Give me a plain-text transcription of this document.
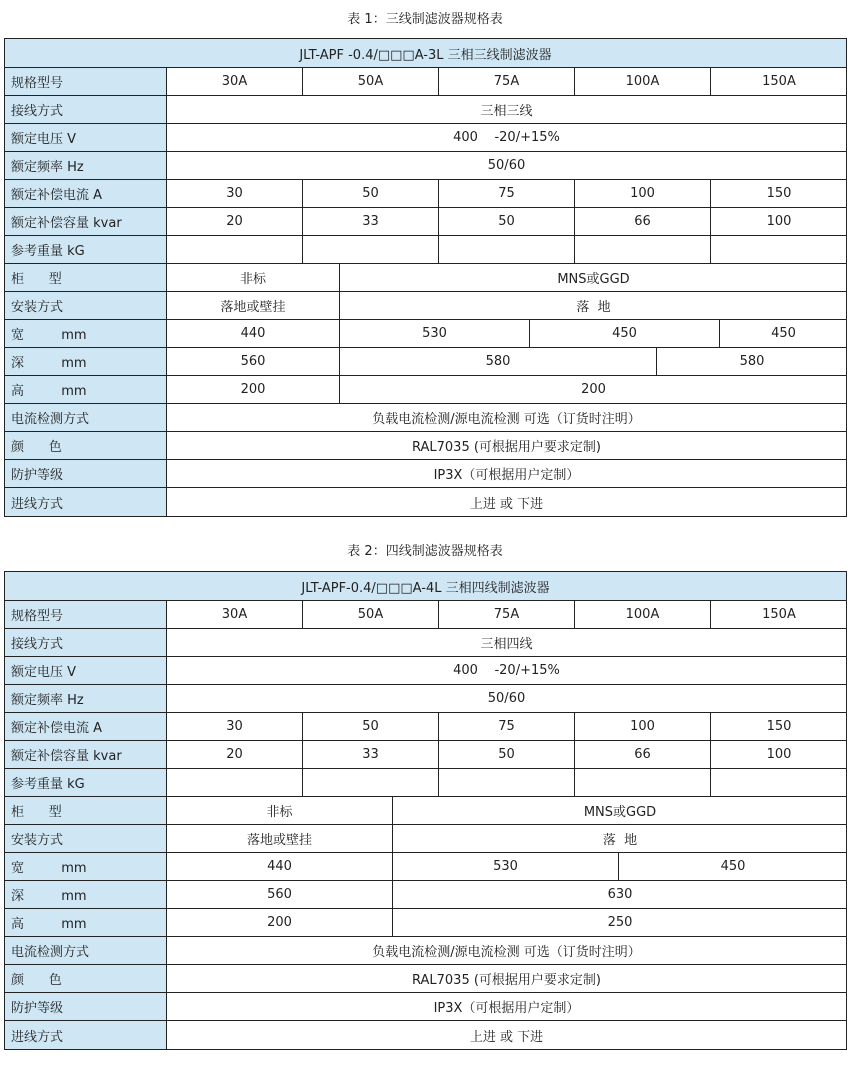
表 1：三线制滤波器规格表
JLT-APF -0.4/□□□A-3L 三相三线制滤波器
规格型号	30A	50A	75A	100A	150A
接线方式	三相三线
额定电压 V	400    -20/+15%
额定频率 Hz	50/60
额定补偿电流 A	30	50	75	100	150
额定补偿容量 kvar	20	33	50	66	100
参考重量 kG
柜      型	非标	MNS或GGD
安装方式	落地或壁挂	落  地
宽         mm	440	530	450	450
深         mm	560	580	580
高         mm	200	200
电流检测方式	负载电流检测/源电流检测 可选（订货时注明）
颜      色	RAL7035 (可根据用户要求定制)
防护等级	IP3X（可根据用户定制）
进线方式	上进 或 下进
表 2：四线制滤波器规格表
JLT-APF-0.4/□□□A-4L 三相四线制滤波器
规格型号	30A	50A	75A	100A	150A
接线方式	三相四线
额定电压 V	400    -20/+15%
额定频率 Hz	50/60
额定补偿电流 A	30	50	75	100	150
额定补偿容量 kvar	20	33	50	66	100
参考重量 kG
柜      型	非标	MNS或GGD
安装方式	落地或壁挂	落  地
宽         mm	440	530	450
深         mm	560	630
高         mm	200	250
电流检测方式	负载电流检测/源电流检测 可选（订货时注明）
颜      色	RAL7035 (可根据用户要求定制)
防护等级	IP3X（可根据用户定制）
进线方式	上进 或 下进
